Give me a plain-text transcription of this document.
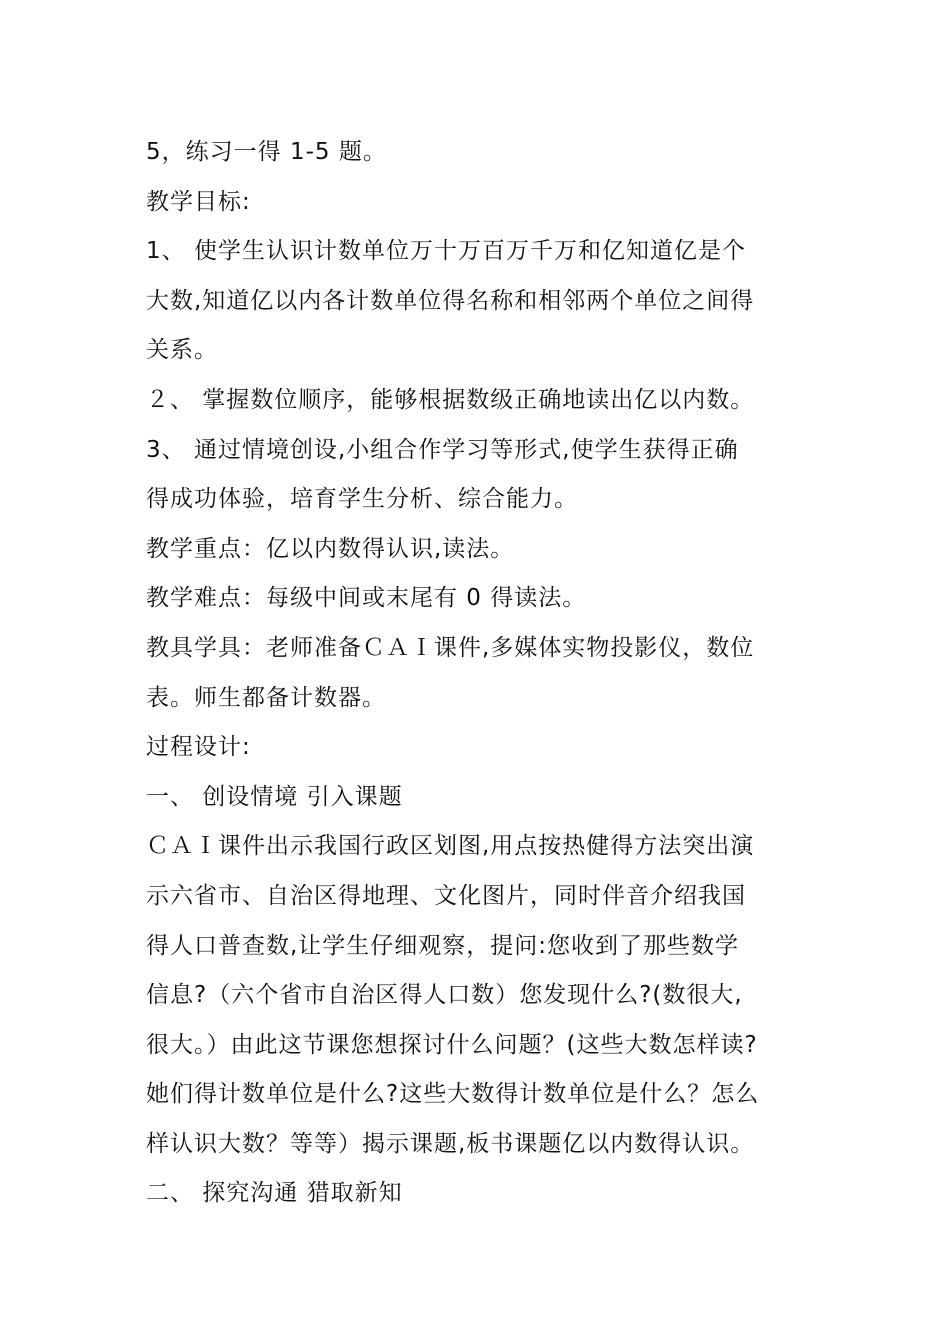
5，练习一得 1-5 题。
教学目标:
1、 使学生认识计数单位万十万百万千万和亿知道亿是个
大数,知道亿以内各计数单位得名称和相邻两个单位之间得
关系。
２、 掌握数位顺序，能够根据数级正确地读出亿以内数。
3、 通过情境创设,小组合作学习等形式,使学生获得正确
得成功体验，培育学生分析、综合能力。
教学重点：亿以内数得认识,读法。
教学难点：每级中间或末尾有 0 得读法。
教具学具：老师准备ＣＡＩ课件,多媒体实物投影仪，数位
表。师生都备计数器。
过程设计:
一、 创设情境 引入课题
ＣＡＩ课件出示我国行政区划图,用点按热健得方法突出演
示六省市、自治区得地理、文化图片，同时伴音介绍我国
得人口普查数,让学生仔细观察，提问:您收到了那些数学
信息?（六个省市自治区得人口数）您发现什么?(数很大,
很大。）由此这节课您想探讨什么问题？(这些大数怎样读?
她们得计数单位是什么?这些大数得计数单位是什么？怎么
样认识大数？等等）揭示课题,板书课题亿以内数得认识。
二、 探究沟通 猎取新知
